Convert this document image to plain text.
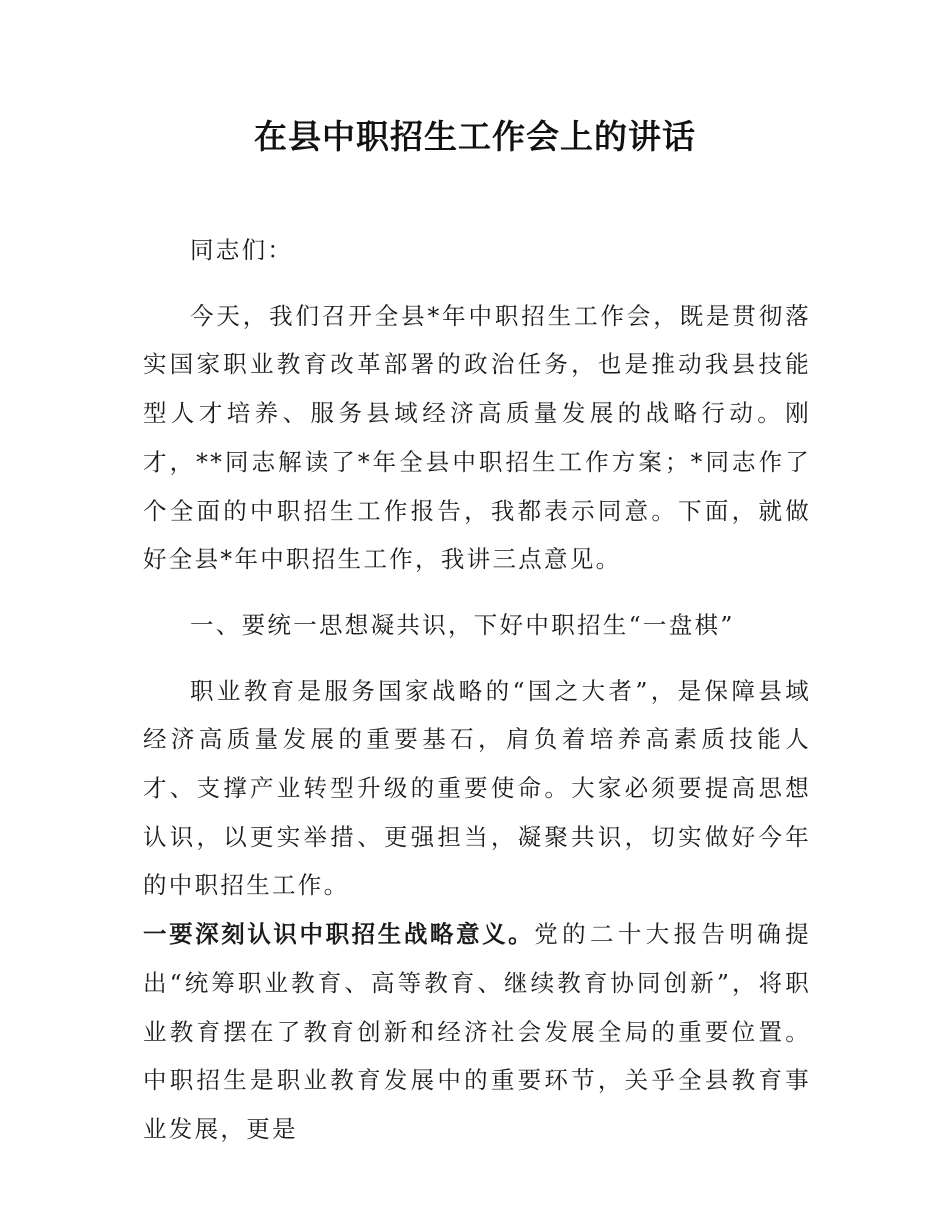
在县中职招生工作会上的讲话

同志们：

今天，我们召开全县*年中职招生工作会，既是贯彻落实国家职业教育改革部署的政治任务，也是推动我县技能型人才培养、服务县域经济高质量发展的战略行动。刚才，**同志解读了*年全县中职招生工作方案；*同志作了个全面的中职招生工作报告，我都表示同意。下面，就做好全县*年中职招生工作，我讲三点意见。

一、要统一思想凝共识，下好中职招生“一盘棋”

职业教育是服务国家战略的“国之大者”，是保障县域经济高质量发展的重要基石，肩负着培养高素质技能人才、支撑产业转型升级的重要使命。大家必须要提高思想认识，以更实举措、更强担当，凝聚共识，切实做好今年的中职招生工作。

一要深刻认识中职招生战略意义。党的二十大报告明确提出“统筹职业教育、高等教育、继续教育协同创新”，将职业教育摆在了教育创新和经济社会发展全局的重要位置。中职招生是职业教育发展中的重要环节，关乎全县教育事业发展，更是
